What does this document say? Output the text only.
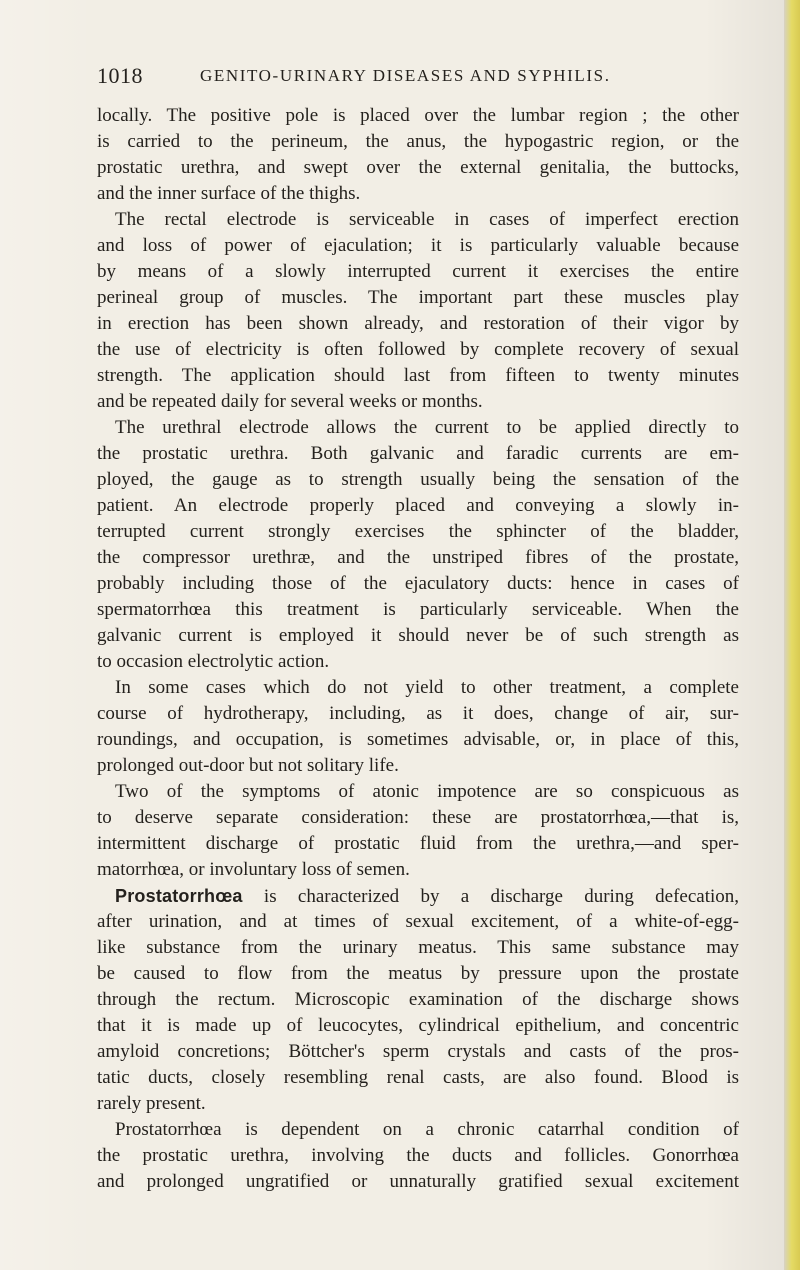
1018	GENITO-URINARY DISEASES AND SYPHILIS.
locally. The positive pole is placed over the lumbar region ; the other
is carried to the perineum, the anus, the hypogastric region, or the
prostatic urethra, and swept over the external genitalia, the buttocks,
and the inner surface of the thighs.
The rectal electrode is serviceable in cases of imperfect erection
and loss of power of ejaculation; it is particularly valuable because
by means of a slowly interrupted current it exercises the entire
perineal group of muscles. The important part these muscles play
in erection has been shown already, and restoration of their vigor by
the use of electricity is often followed by complete recovery of sexual
strength. The application should last from fifteen to twenty minutes
and be repeated daily for several weeks or months.
The urethral electrode allows the current to be applied directly to
the prostatic urethra. Both galvanic and faradic currents are em-
ployed, the gauge as to strength usually being the sensation of the
patient. An electrode properly placed and conveying a slowly in-
terrupted current strongly exercises the sphincter of the bladder,
the compressor urethræ, and the unstriped fibres of the prostate,
probably including those of the ejaculatory ducts: hence in cases of
spermatorrhœa this treatment is particularly serviceable. When the
galvanic current is employed it should never be of such strength as
to occasion electrolytic action.
In some cases which do not yield to other treatment, a complete
course of hydrotherapy, including, as it does, change of air, sur-
roundings, and occupation, is sometimes advisable, or, in place of this,
prolonged out-door but not solitary life.
Two of the symptoms of atonic impotence are so conspicuous as
to deserve separate consideration: these are prostatorrhœa,—that is,
intermittent discharge of prostatic fluid from the urethra,—and sper-
matorrhœa, or involuntary loss of semen.
Prostatorrhœa is characterized by a discharge during defecation,
after urination, and at times of sexual excitement, of a white-of-egg-
like substance from the urinary meatus. This same substance may
be caused to flow from the meatus by pressure upon the prostate
through the rectum. Microscopic examination of the discharge shows
that it is made up of leucocytes, cylindrical epithelium, and concentric
amyloid concretions; Böttcher's sperm crystals and casts of the pros-
tatic ducts, closely resembling renal casts, are also found. Blood is
rarely present.
Prostatorrhœa is dependent on a chronic catarrhal condition of
the prostatic urethra, involving the ducts and follicles. Gonorrhœa
and prolonged ungratified or unnaturally gratified sexual excitement
